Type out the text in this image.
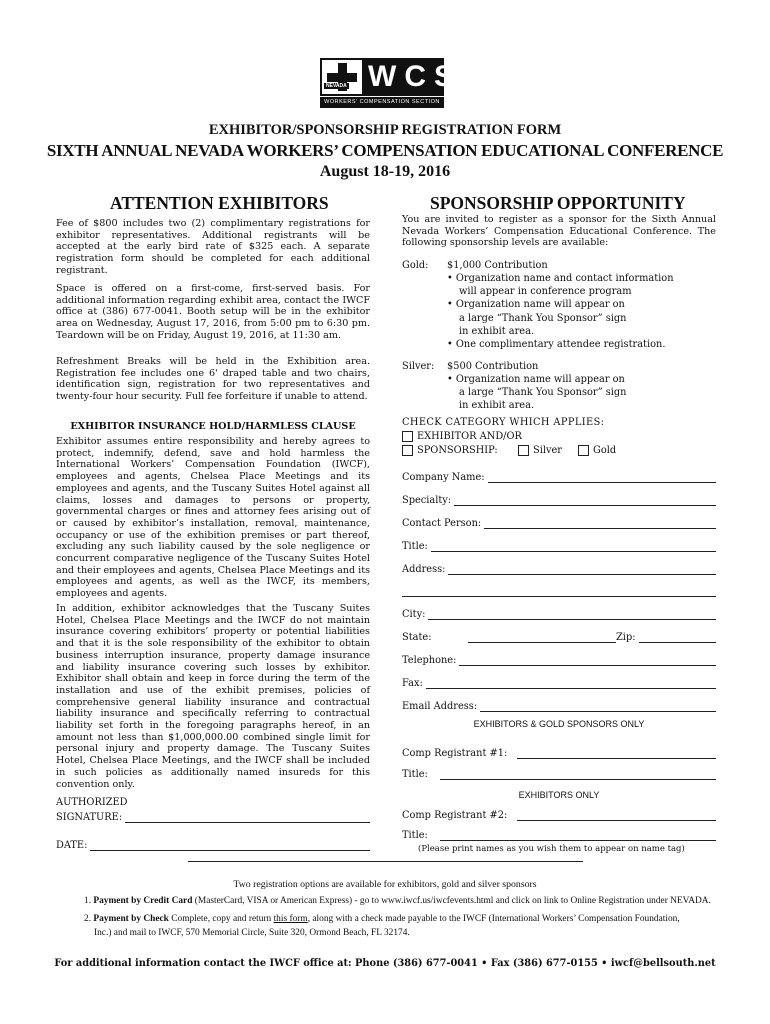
NEVADA WCS
WORKERS' COMPENSATION SECTION
EXHIBITOR/SPONSORSHIP REGISTRATION FORM
SIXTH ANNUAL NEVADA WORKERS’ COMPENSATION EDUCATIONAL CONFERENCE
August 18-19, 2016
ATTENTION EXHIBITORS

Fee of $800 includes two (2) complimentary registrations for exhibitor representatives. Additional registrants will be accepted at the early bird rate of $325 each. A separate registration form should be completed for each additional registrant.

Space is offered on a first-come, first-served basis. For additional information regarding exhibit area, contact the IWCF office at (386) 677-0041. Booth setup will be in the exhibitor area on Wednesday, August 17, 2016, from 5:00 pm to 6:30 pm. Teardown will be on Friday, August 19, 2016, at 11:30 am.

Refreshment Breaks will be held in the Exhibition area. Registration fee includes one 6' draped table and two chairs, identification sign, registration for two representatives and twenty-four hour security. Full fee forfeiture if unable to attend.

EXHIBITOR INSURANCE HOLD/HARMLESS CLAUSE

Exhibitor assumes entire responsibility and hereby agrees to protect, indemnify, defend, save and hold harmless the International Workers’ Compensation Foundation (IWCF), employees and agents, Chelsea Place Meetings and its employees and agents, and the Tuscany Suites Hotel against all claims, losses and damages to persons or property, governmental charges or fines and attorney fees arising out of or caused by exhibitor’s installation, removal, maintenance, occupancy or use of the exhibition premises or part thereof, excluding any such liability caused by the sole negligence or concurrent comparative negligence of the Tuscany Suites Hotel and their employees and agents, Chelsea Place Meetings and its employees and agents, as well as the IWCF, its members, employees and agents.

In addition, exhibitor acknowledges that the Tuscany Suites Hotel, Chelsea Place Meetings and the IWCF do not maintain insurance covering exhibitors’ property or potential liabilities and that it is the sole responsibility of the exhibitor to obtain business interruption insurance, property damage insurance and liability insurance covering such losses by exhibitor. Exhibitor shall obtain and keep in force during the term of the installation and use of the exhibit premises, policies of comprehensive general liability insurance and contractual liability insurance and specifically referring to contractual liability set forth in the foregoing paragraphs hereof, in an amount not less than $1,000,000.00 combined single limit for personal injury and property damage. The Tuscany Suites Hotel, Chelsea Place Meetings, and the IWCF shall be included in such policies as additionally named insureds for this convention only.

AUTHORIZED
SIGNATURE:
DATE:
SPONSORSHIP OPPORTUNITY

You are invited to register as a sponsor for the Sixth Annual Nevada Workers’ Compensation Educational Conference. The following sponsorship levels are available:

Gold: $1,000 Contribution
• Organization name and contact information
will appear in conference program
• Organization name will appear on
a large “Thank You Sponsor” sign
in exhibit area.
• One complimentary attendee registration.
Silver: $500 Contribution
• Organization name will appear on
a large “Thank You Sponsor” sign
in exhibit area.
CHECK CATEGORY WHICH APPLIES:
EXHIBITOR AND/OR
SPONSORSHIP:	Silver	Gold
Company Name:
Specialty:
Contact Person:
Title:
Address:
City:
State:	Zip:
Telephone:
Fax:
Email Address:
EXHIBITORS & GOLD SPONSORS ONLY
Comp Registrant #1:
Title:
EXHIBITORS ONLY
Comp Registrant #2:
Title:
(Please print names as you wish them to appear on name tag)
Two registration options are available for exhibitors, gold and silver sponsors
1. Payment by Credit Card (MasterCard, VISA or American Express) - go to www.iwcf.us/iwcfevents.html and click on link to Online Registration under NEVADA.
2. Payment by Check Complete, copy and return this form, along with a check made payable to the IWCF (International Workers’ Compensation Foundation,
Inc.) and mail to IWCF, 570 Memorial Circle, Suite 320, Ormond Beach, FL 32174.
For additional information contact the IWCF office at: Phone (386) 677-0041 • Fax (386) 677-0155 • iwcf@bellsouth.net
